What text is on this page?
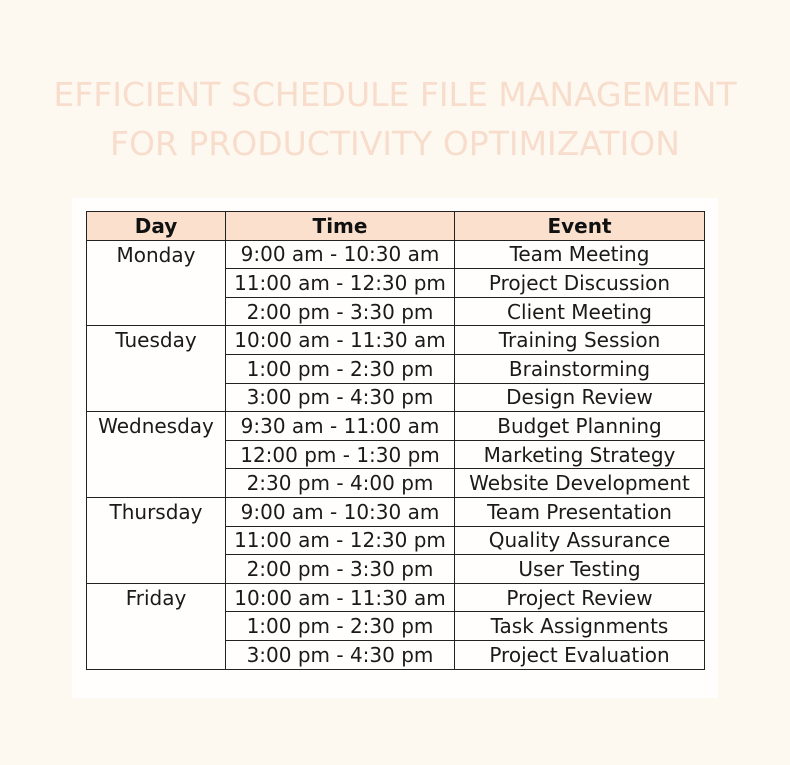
EFFICIENT SCHEDULE FILE MANAGEMENT
FOR PRODUCTIVITY OPTIMIZATION
Day	Time	Event
Monday	9:00 am - 10:30 am	Team Meeting
	11:00 am - 12:30 pm	Project Discussion
	2:00 pm - 3:30 pm	Client Meeting
Tuesday	10:00 am - 11:30 am	Training Session
	1:00 pm - 2:30 pm	Brainstorming
	3:00 pm - 4:30 pm	Design Review
Wednesday	9:30 am - 11:00 am	Budget Planning
	12:00 pm - 1:30 pm	Marketing Strategy
	2:30 pm - 4:00 pm	Website Development
Thursday	9:00 am - 10:30 am	Team Presentation
	11:00 am - 12:30 pm	Quality Assurance
	2:00 pm - 3:30 pm	User Testing
Friday	10:00 am - 11:30 am	Project Review
	1:00 pm - 2:30 pm	Task Assignments
	3:00 pm - 4:30 pm	Project Evaluation
